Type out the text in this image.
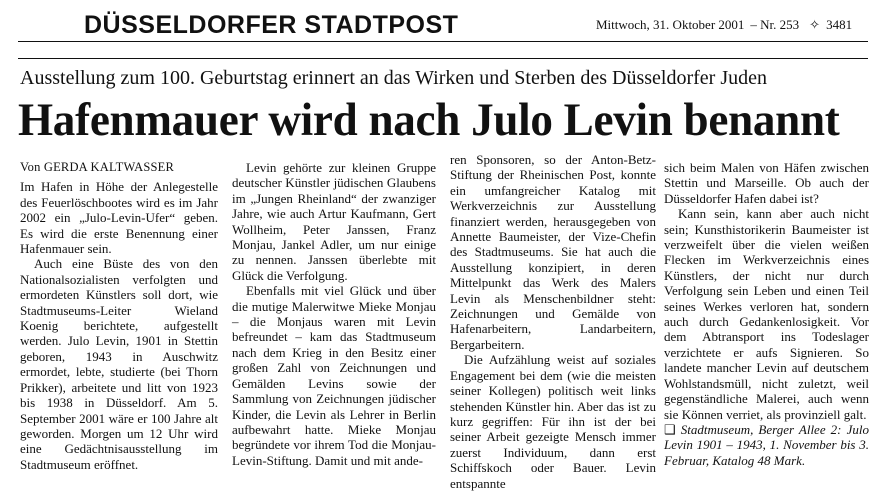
DÜSSELDORFER STADTPOST	Mittwoch, 31. Oktober 2001 – Nr. 253 ✧ 3481
Ausstellung zum 100. Geburtstag erinnert an das Wirken und Sterben des Düsseldorfer Juden
Hafenmauer wird nach Julo Levin benannt

Von GERDA KALTWASSER

Im Hafen in Höhe der Anlegestelle des Feuerlöschbootes wird es im Jahr 2002 ein „Julo-Levin-Ufer“ geben. Es wird die erste Benennung einer Hafenmauer sein.

Auch eine Büste des von den Nationalsozialisten verfolgten und ermordeten Künstlers soll dort, wie Stadtmuseums-Leiter Wieland Koenig berichtete, aufgestellt werden. Julo Levin, 1901 in Stettin geboren, 1943 in Auschwitz ermordet, lebte, studierte (bei Thorn Prikker), arbeitete und litt von 1923 bis 1938 in Düsseldorf. Am 5. September 2001 wäre er 100 Jahre alt geworden. Morgen um 12 Uhr wird eine Gedächtnisausstellung im Stadtmuseum eröffnet.

Levin gehörte zur kleinen Gruppe deutscher Künstler jüdischen Glaubens im „Jungen Rheinland“ der zwanziger Jahre, wie auch Artur Kaufmann, Gert Wollheim, Peter Janssen, Franz Monjau, Jankel Adler, um nur einige zu nennen. Janssen überlebte mit Glück die Verfolgung.

Ebenfalls mit viel Glück und über die mutige Malerwitwe Mieke Monjau – die Monjaus waren mit Levin befreundet – kam das Stadtmuseum nach dem Krieg in den Besitz einer großen Zahl von Zeichnungen und Gemälden Levins sowie der Sammlung von Zeichnungen jüdischer Kinder, die Levin als Lehrer in Berlin aufbewahrt hatte. Mieke Monjau begründete vor ihrem Tod die Monjau-Levin-Stiftung. Damit und mit ande-

ren Sponsoren, so der Anton-Betz-Stiftung der Rheinischen Post, konnte ein umfangreicher Katalog mit Werkverzeichnis zur Ausstellung finanziert werden, herausgegeben von Annette Baumeister, der Vize-Chefin des Stadtmuseums. Sie hat auch die Ausstellung konzipiert, in deren Mittelpunkt das Werk des Malers Levin als Menschenbildner steht: Zeichnungen und Gemälde von Hafenarbeitern, Landarbeitern, Bergarbeitern.

Die Aufzählung weist auf soziales Engagement bei dem (wie die meisten seiner Kollegen) politisch weit links stehenden Künstler hin. Aber das ist zu kurz gegriffen: Für ihn ist der bei seiner Arbeit gezeigte Mensch immer zuerst Individuum, dann erst Schiffskoch oder Bauer. Levin entspannte

sich beim Malen von Häfen zwischen Stettin und Marseille. Ob auch der Düsseldorfer Hafen dabei ist?

Kann sein, kann aber auch nicht sein; Kunsthistorikerin Baumeister ist verzweifelt über die vielen weißen Flecken im Werkverzeichnis eines Künstlers, der nicht nur durch Verfolgung sein Leben und einen Teil seines Werkes verloren hat, sondern auch durch Gedankenlosigkeit. Vor dem Abtransport ins Todeslager verzichtete er aufs Signieren. So landete mancher Levin auf deutschem Wohlstandsmüll, nicht zuletzt, weil gegenständliche Malerei, auch wenn sie Können verriet, als provinziell galt.

❑ Stadtmuseum, Berger Allee 2: Julo Levin 1901 – 1943, 1. November bis 3. Februar, Katalog 48 Mark.
